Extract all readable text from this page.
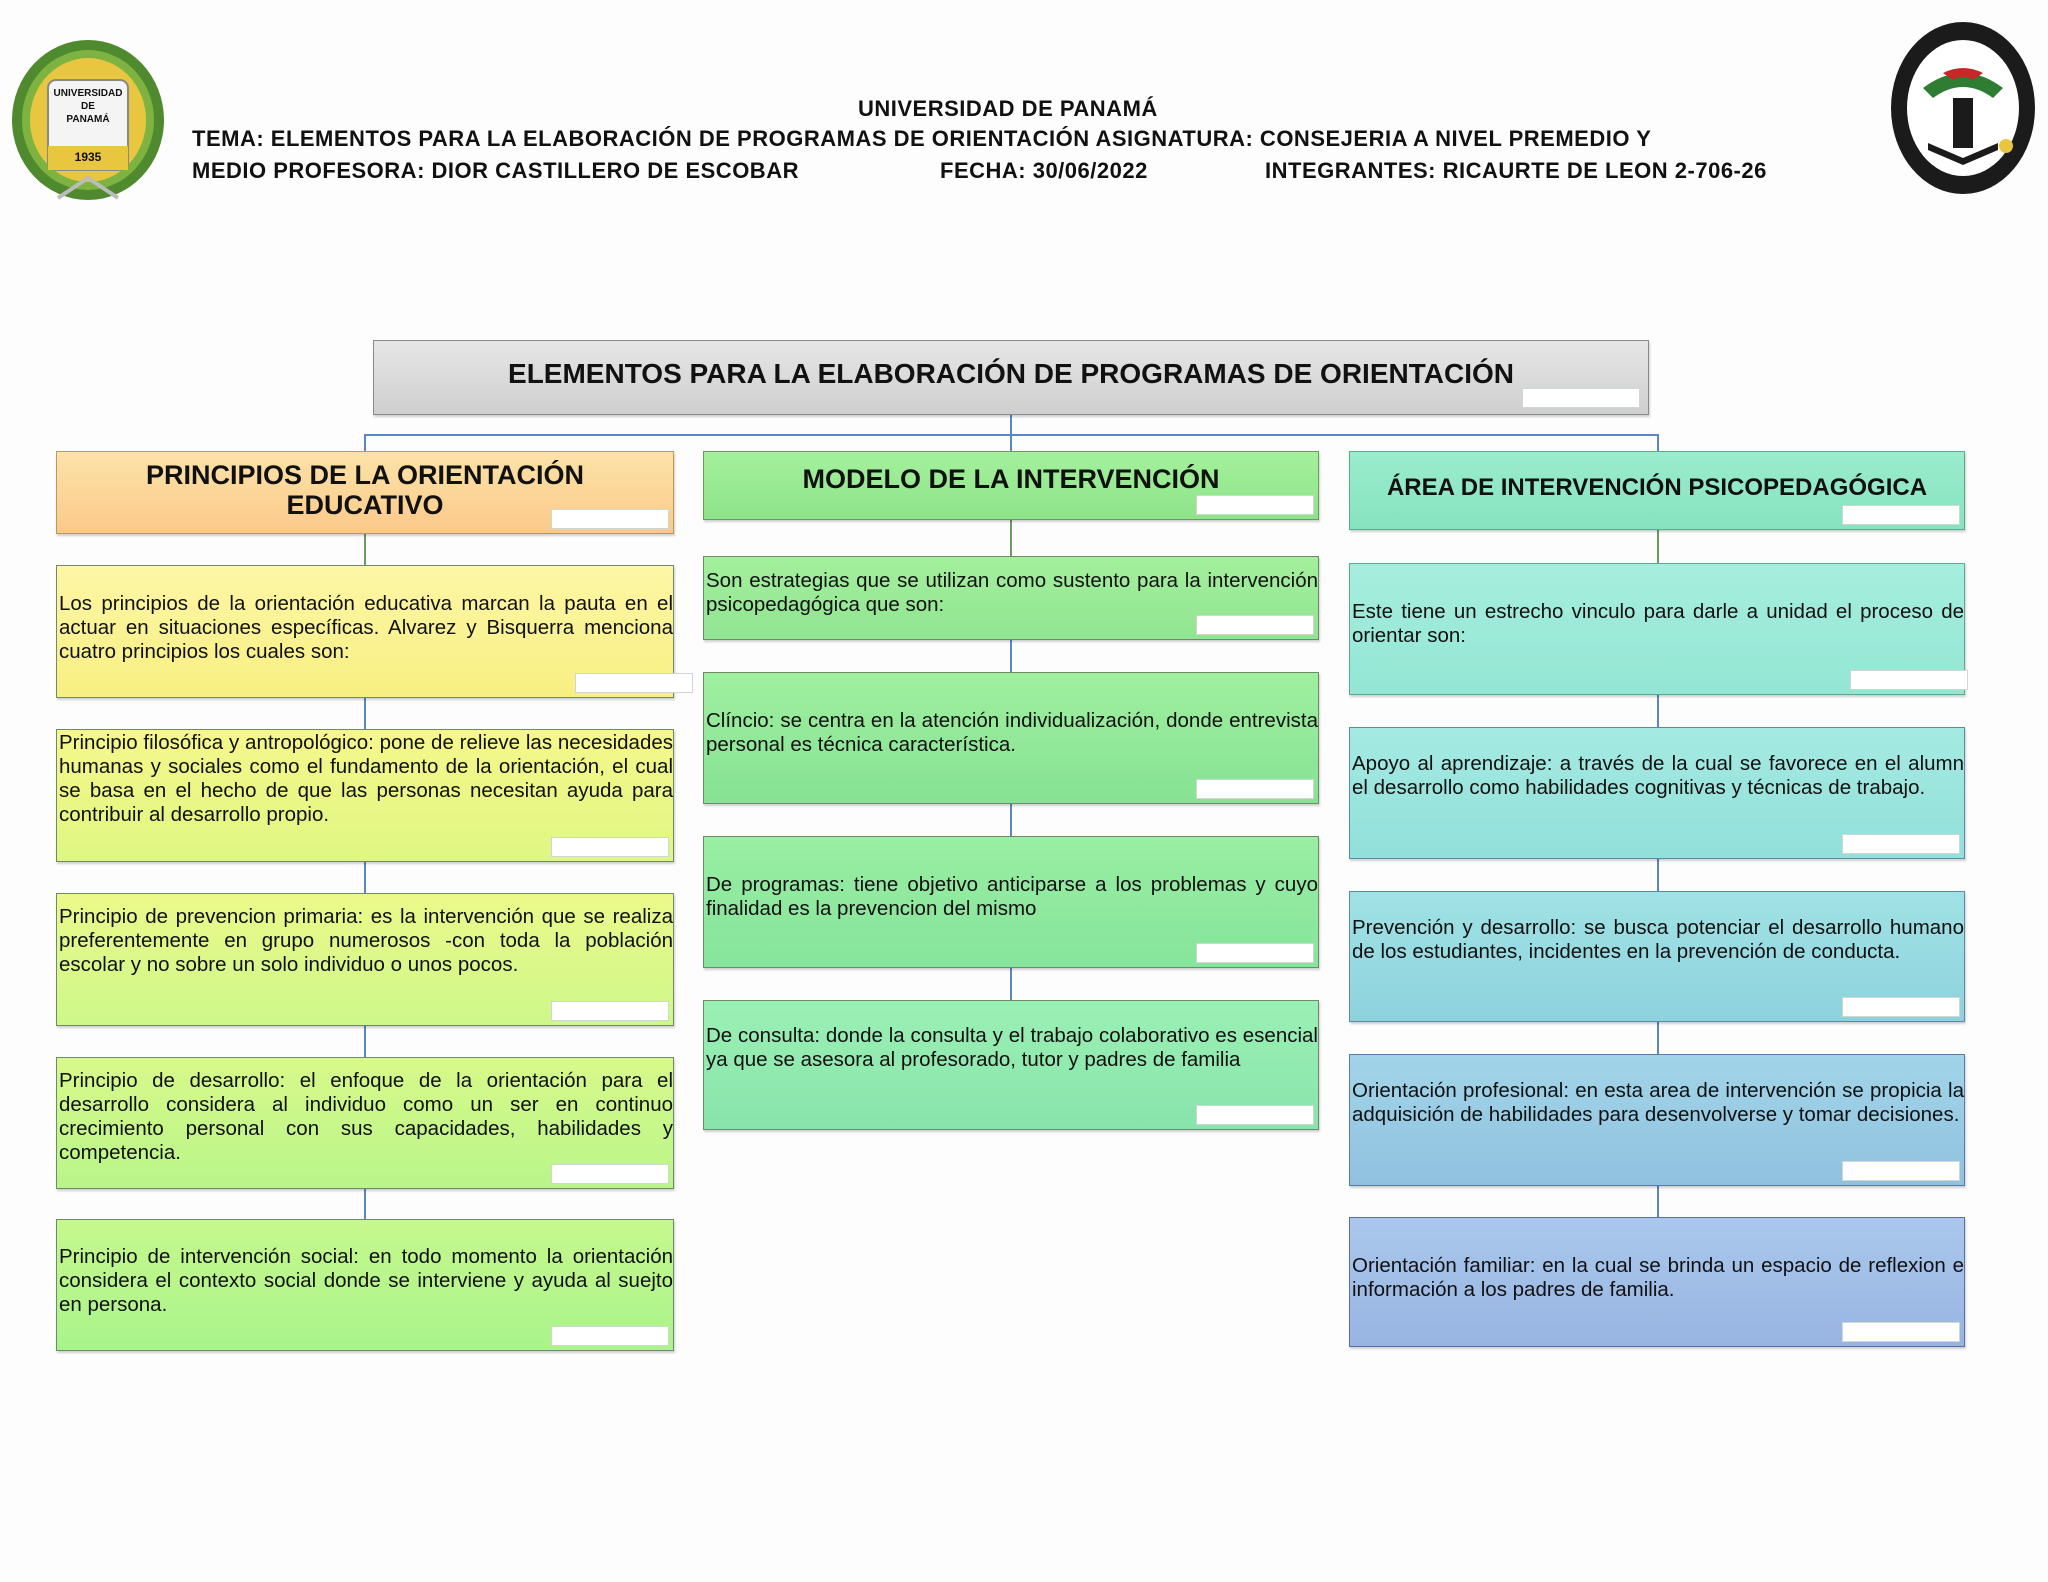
UNIVERSIDAD
DE
PANAMÁ
1935
UNIVERSIDAD DE PANAMÁ
TEMA: ELEMENTOS PARA LA ELABORACIÓN DE PROGRAMAS DE ORIENTACIÓN ASIGNATURA: CONSEJERIA A NIVEL PREMEDIO Y
MEDIO PROFESORA: DIOR CASTILLERO DE ESCOBAR	FECHA: 30/06/2022	INTEGRANTES: RICAURTE DE LEON 2-706-26
ELEMENTOS PARA LA ELABORACIÓN DE PROGRAMAS DE ORIENTACIÓN
PRINCIPIOS DE LA ORIENTACIÓN EDUCATIVO
Los principios de la orientación educativa marcan la pauta en el actuar en situaciones específicas. Alvarez y Bisquerra menciona cuatro principios los cuales son:
Principio filosófica y antropológico: pone de relieve las necesidades humanas y sociales como el fundamento de la orientación, el cual se basa en el hecho de que las personas necesitan ayuda para contribuir al desarrollo propio.
Principio de prevencion primaria: es la intervención que se realiza preferentemente en grupo numerosos -con toda la población escolar y no sobre un solo individuo o unos pocos.
Principio de desarrollo: el enfoque de la orientación para el desarrollo considera al individuo como un ser en continuo crecimiento personal con sus capacidades, habilidades y competencia.
Principio de intervención social: en todo momento la orientación considera el contexto social donde se interviene y ayuda al suejto en persona.
MODELO DE LA INTERVENCIÓN
Son estrategias que se utilizan como sustento para la intervención psicopedagógica que son:
Clíncio: se centra en la atención individualización, donde entrevista personal es técnica característica.
De programas: tiene objetivo anticiparse a los problemas y cuyo finalidad es la prevencion del mismo
De consulta: donde la consulta y el trabajo colaborativo es esencial ya que se asesora al profesorado, tutor y padres de familia
ÁREA DE INTERVENCIÓN PSICOPEDAGÓGICA
Este tiene un estrecho vinculo para darle a unidad el proceso de orientar son:
Apoyo al aprendizaje: a través de la cual se favorece en el alumn el desarrollo como habilidades cognitivas y técnicas de trabajo.
Prevención y desarrollo: se busca potenciar el desarrollo humano de los estudiantes, incidentes en la prevención de conducta.
Orientación profesional: en esta area de intervención se propicia la adquisición de habilidades para desenvolverse y tomar decisiones.
Orientación familiar: en la cual se brinda un espacio de reflexion e información a los padres de familia.
